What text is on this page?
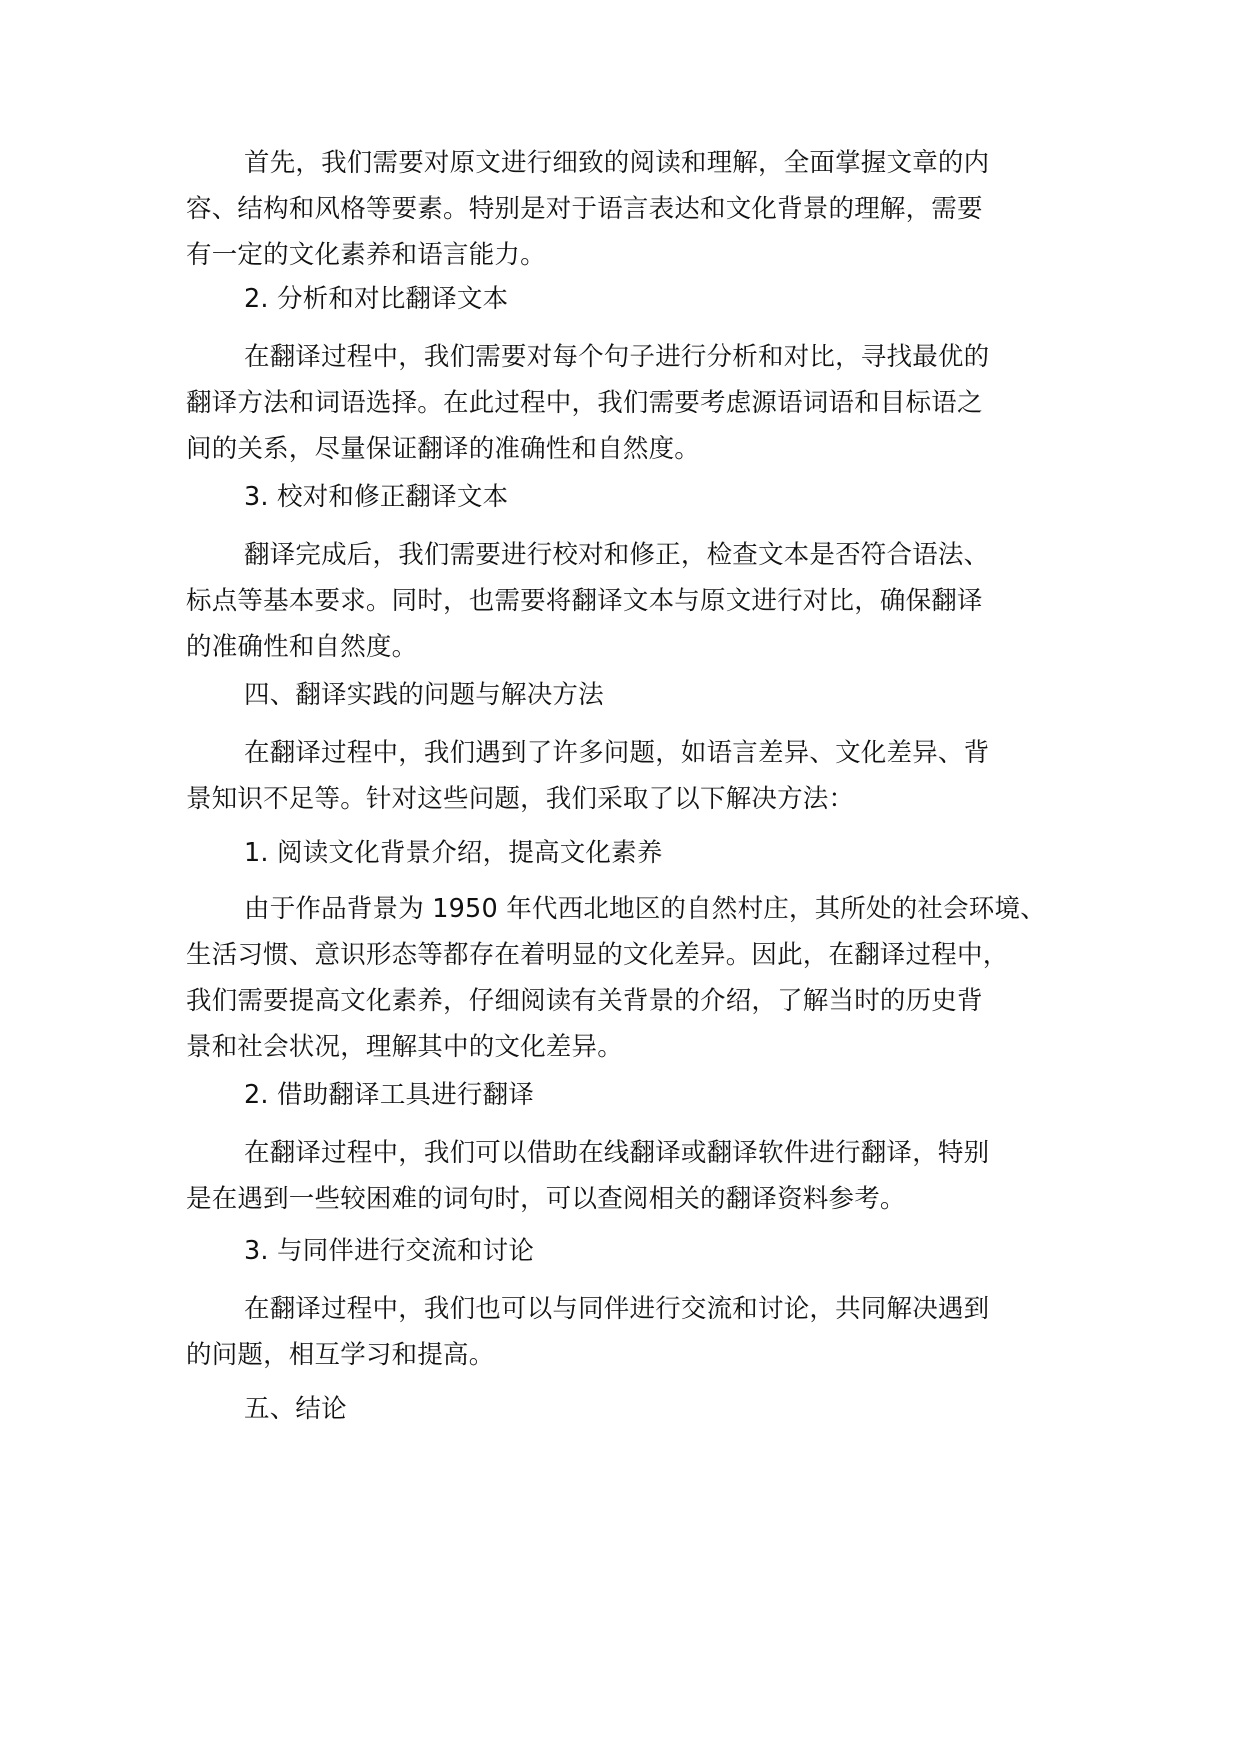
首先，我们需要对原文进行细致的阅读和理解，全面掌握文章的内
容、结构和风格等要素。特别是对于语言表达和文化背景的理解，需要
有一定的文化素养和语言能力。
2. 分析和对比翻译文本
在翻译过程中，我们需要对每个句子进行分析和对比，寻找最优的
翻译方法和词语选择。在此过程中，我们需要考虑源语词语和目标语之
间的关系，尽量保证翻译的准确性和自然度。
3. 校对和修正翻译文本
翻译完成后，我们需要进行校对和修正，检查文本是否符合语法、
标点等基本要求。同时，也需要将翻译文本与原文进行对比，确保翻译
的准确性和自然度。
四、翻译实践的问题与解决方法
在翻译过程中，我们遇到了许多问题，如语言差异、文化差异、背
景知识不足等。针对这些问题，我们采取了以下解决方法：
1. 阅读文化背景介绍，提高文化素养
由于作品背景为 1950 年代西北地区的自然村庄，其所处的社会环境、
生活习惯、意识形态等都存在着明显的文化差异。因此，在翻译过程中，
我们需要提高文化素养，仔细阅读有关背景的介绍，了解当时的历史背
景和社会状况，理解其中的文化差异。
2. 借助翻译工具进行翻译
在翻译过程中，我们可以借助在线翻译或翻译软件进行翻译，特别
是在遇到一些较困难的词句时，可以查阅相关的翻译资料参考。
3. 与同伴进行交流和讨论
在翻译过程中，我们也可以与同伴进行交流和讨论，共同解决遇到
的问题，相互学习和提高。
五、结论
